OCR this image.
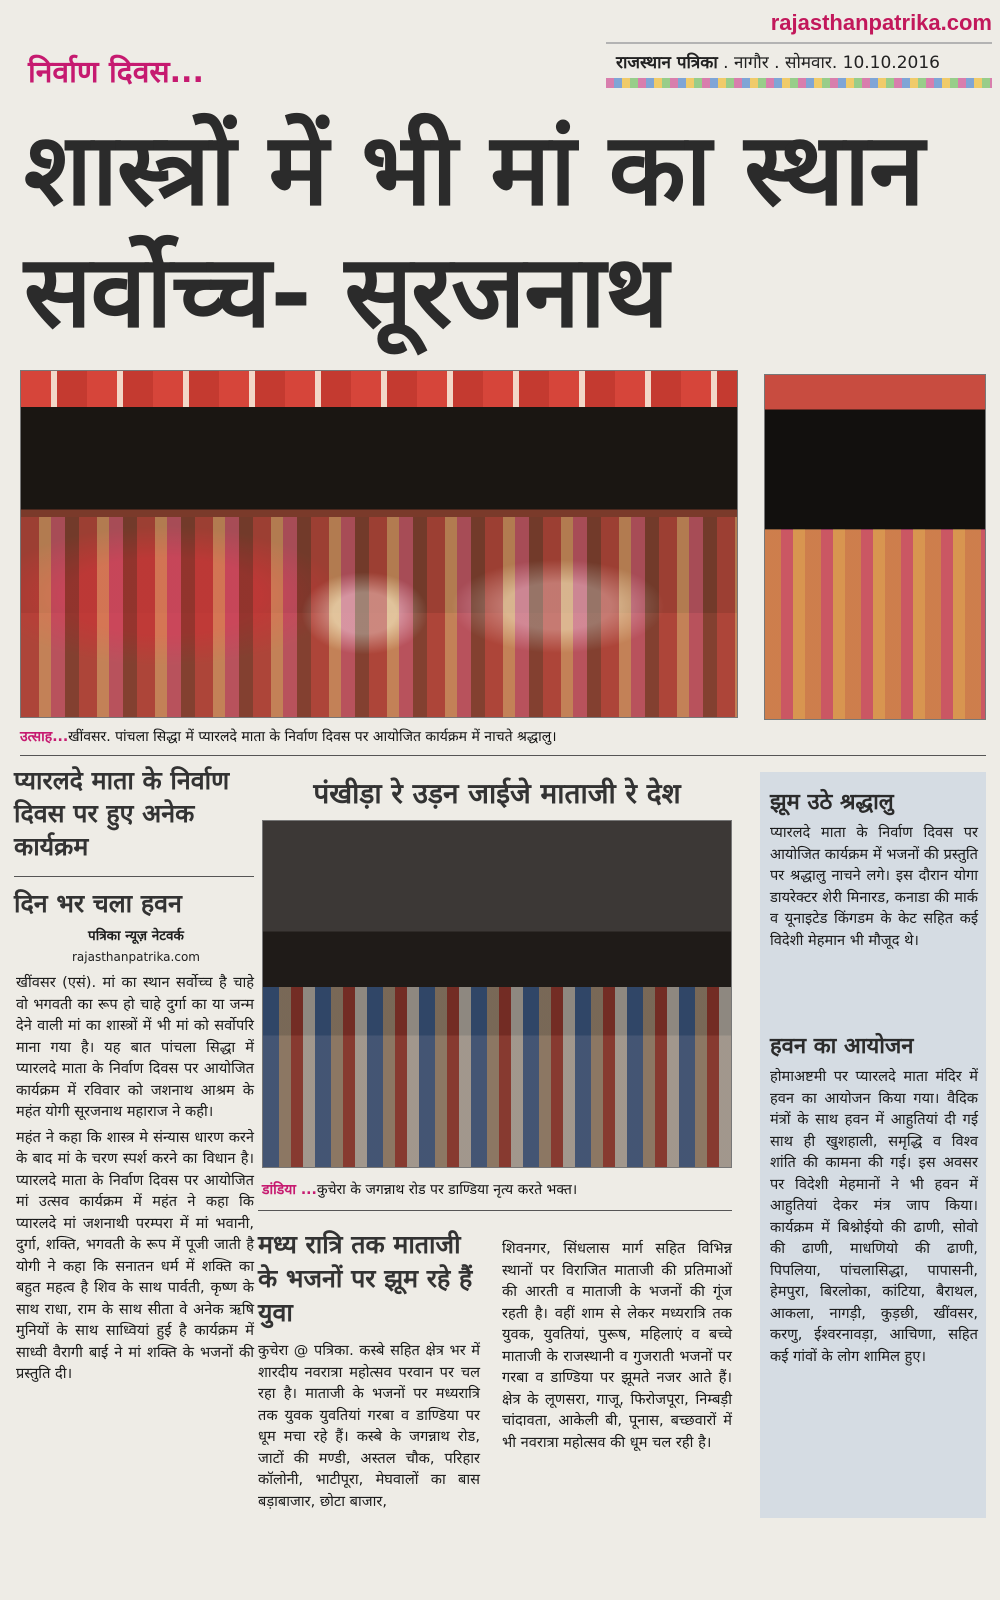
rajasthanpatrika.com
राजस्थान पत्रिका . नागौर . सोमवार. 10.10.2016
निर्वाण दिवस...
शास्त्रों में भी मां का स्थान सर्वोच्च- सूरजनाथ
उत्साह...खींवसर. पांचला सिद्धा में प्यारलदे माता के निर्वाण दिवस पर आयोजित कार्यक्रम में नाचते श्रद्धालु।
प्यारलदे माता के निर्वाण दिवस पर हुए अनेक कार्यक्रम
दिन भर चला हवन
पत्रिका न्यूज़ नेटवर्क
rajasthanpatrika.com

खींवसर (एसं). मां का स्थान सर्वोच्च है चाहे वो भगवती का रूप हो चाहे दुर्गा का या जन्म देने वाली मां का शास्त्रों में भी मां को सर्वोपरि माना गया है। यह बात पांचला सिद्धा में प्यारलदे माता के निर्वाण दिवस पर आयोजित कार्यक्रम में रविवार को जशनाथ आश्रम के महंत योगी सूरजनाथ महाराज ने कही।

महंत ने कहा कि शास्त्र मे संन्यास धारण करने के बाद मां के चरण स्पर्श करने का विधान है। प्यारलदे माता के निर्वाण दिवस पर आयोजित मां उत्सव कार्यक्रम में महंत ने कहा कि प्यारलदे मां जशनाथी परम्परा में मां भवानी, दुर्गा, शक्ति, भगवती के रूप में पूजी जाती है योगी ने कहा कि सनातन धर्म में शक्ति का बहुत महत्व है शिव के साथ पार्वती, कृष्ण के साथ राधा, राम के साथ सीता वे अनेक ऋषि मुनियों के साथ साध्वियां हुई है कार्यक्रम में साध्वी वैरागी बाई ने मां शक्ति के भजनों की प्रस्तुति दी।

पंखीड़ा रे उड़न जाईजे माताजी रे देश
डांडिया ...कुचेरा के जगन्नाथ रोड पर डाण्डिया नृत्य करते भक्त।
मध्य रात्रि तक माताजी के भजनों पर झूम रहे हैं युवा
कुचेरा @ पत्रिका. कस्बे सहित क्षेत्र भर में शारदीय नवरात्रा महोत्सव परवान पर चल रहा है। माताजी के भजनों पर मध्यरात्रि तक युवक युवतियां गरबा व डाण्डिया पर धूम मचा रहे हैं। कस्बे के जगन्नाथ रोड, जाटों की मण्डी, अस्तल चौक, परिहार कॉलोनी, भाटीपूरा, मेघवालों का बास बड़ाबाजार, छोटा बाजार,
शिवनगर, सिंधलास मार्ग सहित विभिन्न स्थानों पर विराजित माताजी की प्रतिमाओं की आरती व माताजी के भजनों की गूंज रहती है। वहीं शाम से लेकर मध्यरात्रि तक युवक, युवतियां, पुरूष, महिलाएं व बच्चे माताजी के राजस्थानी व गुजराती भजनों पर गरबा व डाण्डिया पर झूमते नजर आते हैं। क्षेत्र के लूणसरा, गाजू, फिरोजपूरा, निम्बड़ी चांदावता, आकेली बी, पूनास, बच्छवारों में भी नवरात्रा महोत्सव की धूम चल रही है।
झूम उठे श्रद्धालु
प्यारलदे माता के निर्वाण दिवस पर आयोजित कार्यक्रम में भजनों की प्रस्तुति पर श्रद्धालु नाचने लगे। इस दौरान योगा डायरेक्टर शेरी मिनारड, कनाडा की मार्क व यूनाइटेड किंगडम के केट सहित कई विदेशी मेहमान भी मौजूद थे।
हवन का आयोजन
होमाअष्टमी पर प्यारलदे माता मंदिर में हवन का आयोजन किया गया। वैदिक मंत्रों के साथ हवन में आहुतियां दी गई साथ ही खुशहाली, समृद्धि व विश्व शांति की कामना की गई। इस अवसर पर विदेशी मेहमानों ने भी हवन में आहुतियां देकर मंत्र जाप किया। कार्यक्रम में बिश्नोईयो की ढाणी, सोवो की ढाणी, माधणियो की ढाणी, पिपलिया, पांचलासिद्धा, पापासनी, हेमपुरा, बिरलोका, कांटिया, बैराथल, आकला, नागड़ी, कुड़छी, खींवसर, करणु, ईश्वरनावड़ा, आचिणा, सहित कई गांवों के लोग शामिल हुए।
